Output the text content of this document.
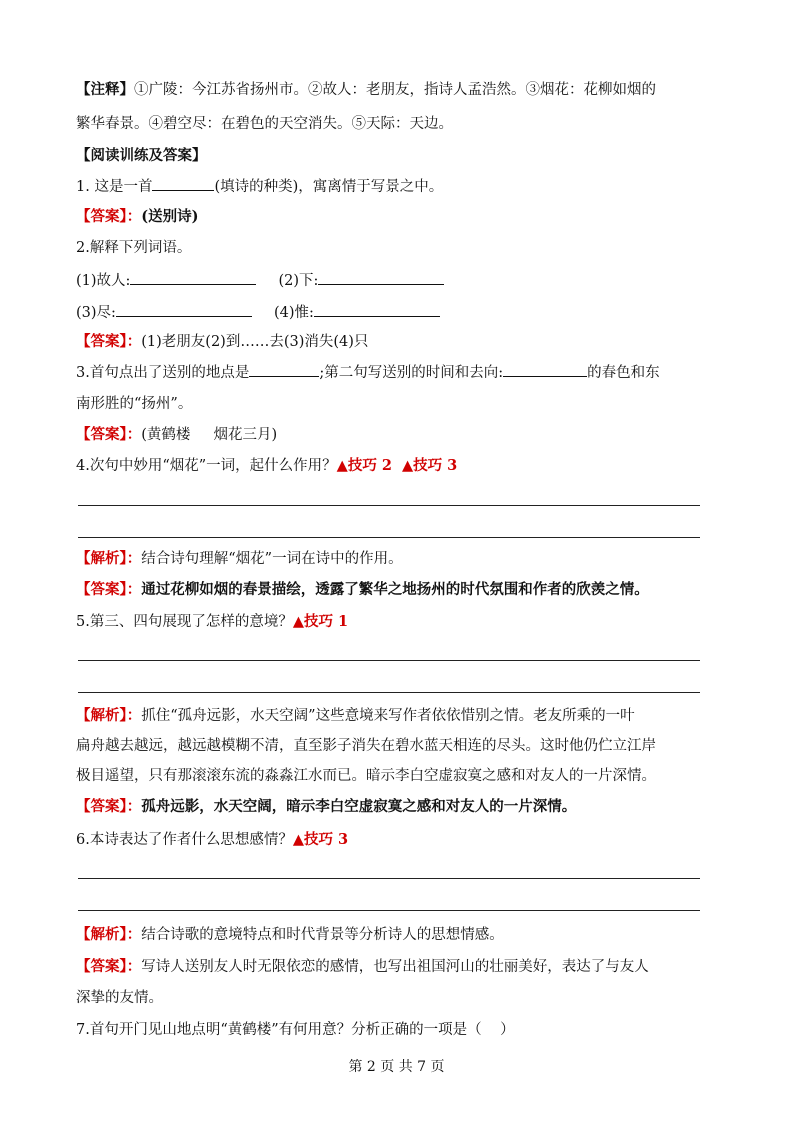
【注释】①广陵：今江苏省扬州市。②故人：老朋友，指诗人孟浩然。③烟花：花柳如烟的
繁华春景。④碧空尽：在碧色的天空消失。⑤天际：天边。
【阅读训练及答案】
1. 这是一首	(填诗的种类)，寓离情于写景之中。
【答案】：(送别诗)
2.解释下列词语。
(1)故人:	(2)下:
(3)尽:	(4)惟:
【答案】：(1)老朋友(2)到……去(3)消失(4)只
3.首句点出了送别的地点是	;第二句写送别的时间和去向:	的春色和东
南形胜的“扬州”。
【答案】：(黄鹤楼     烟花三月)
4.次句中妙用“烟花”一词，起什么作用？▲技巧 2 ▲技巧 3
【解析】：结合诗句理解“烟花”一词在诗中的作用。
【答案】：通过花柳如烟的春景描绘，透露了繁华之地扬州的时代氛围和作者的欣羡之情。
5.第三、四句展现了怎样的意境？▲技巧 1
【解析】：抓住“孤舟远影，水天空阔”这些意境来写作者依依惜别之情。老友所乘的一叶
扁舟越去越远，越远越模糊不清，直至影子消失在碧水蓝天相连的尽头。这时他仍伫立江岸
极目遥望，只有那滚滚东流的淼淼江水而已。暗示李白空虚寂寞之感和对友人的一片深情。
【答案】：孤舟远影，水天空阔，暗示李白空虚寂寞之感和对友人的一片深情。
6.本诗表达了作者什么思想感情？▲技巧 3
【解析】：结合诗歌的意境特点和时代背景等分析诗人的思想情感。
【答案】：写诗人送别友人时无限依恋的感情，也写出祖国河山的壮丽美好，表达了与友人
深挚的友情。
7.首句开门见山地点明“黄鹤楼”有何用意？分析正确的一项是（    ）
第 2 页 共 7 页
